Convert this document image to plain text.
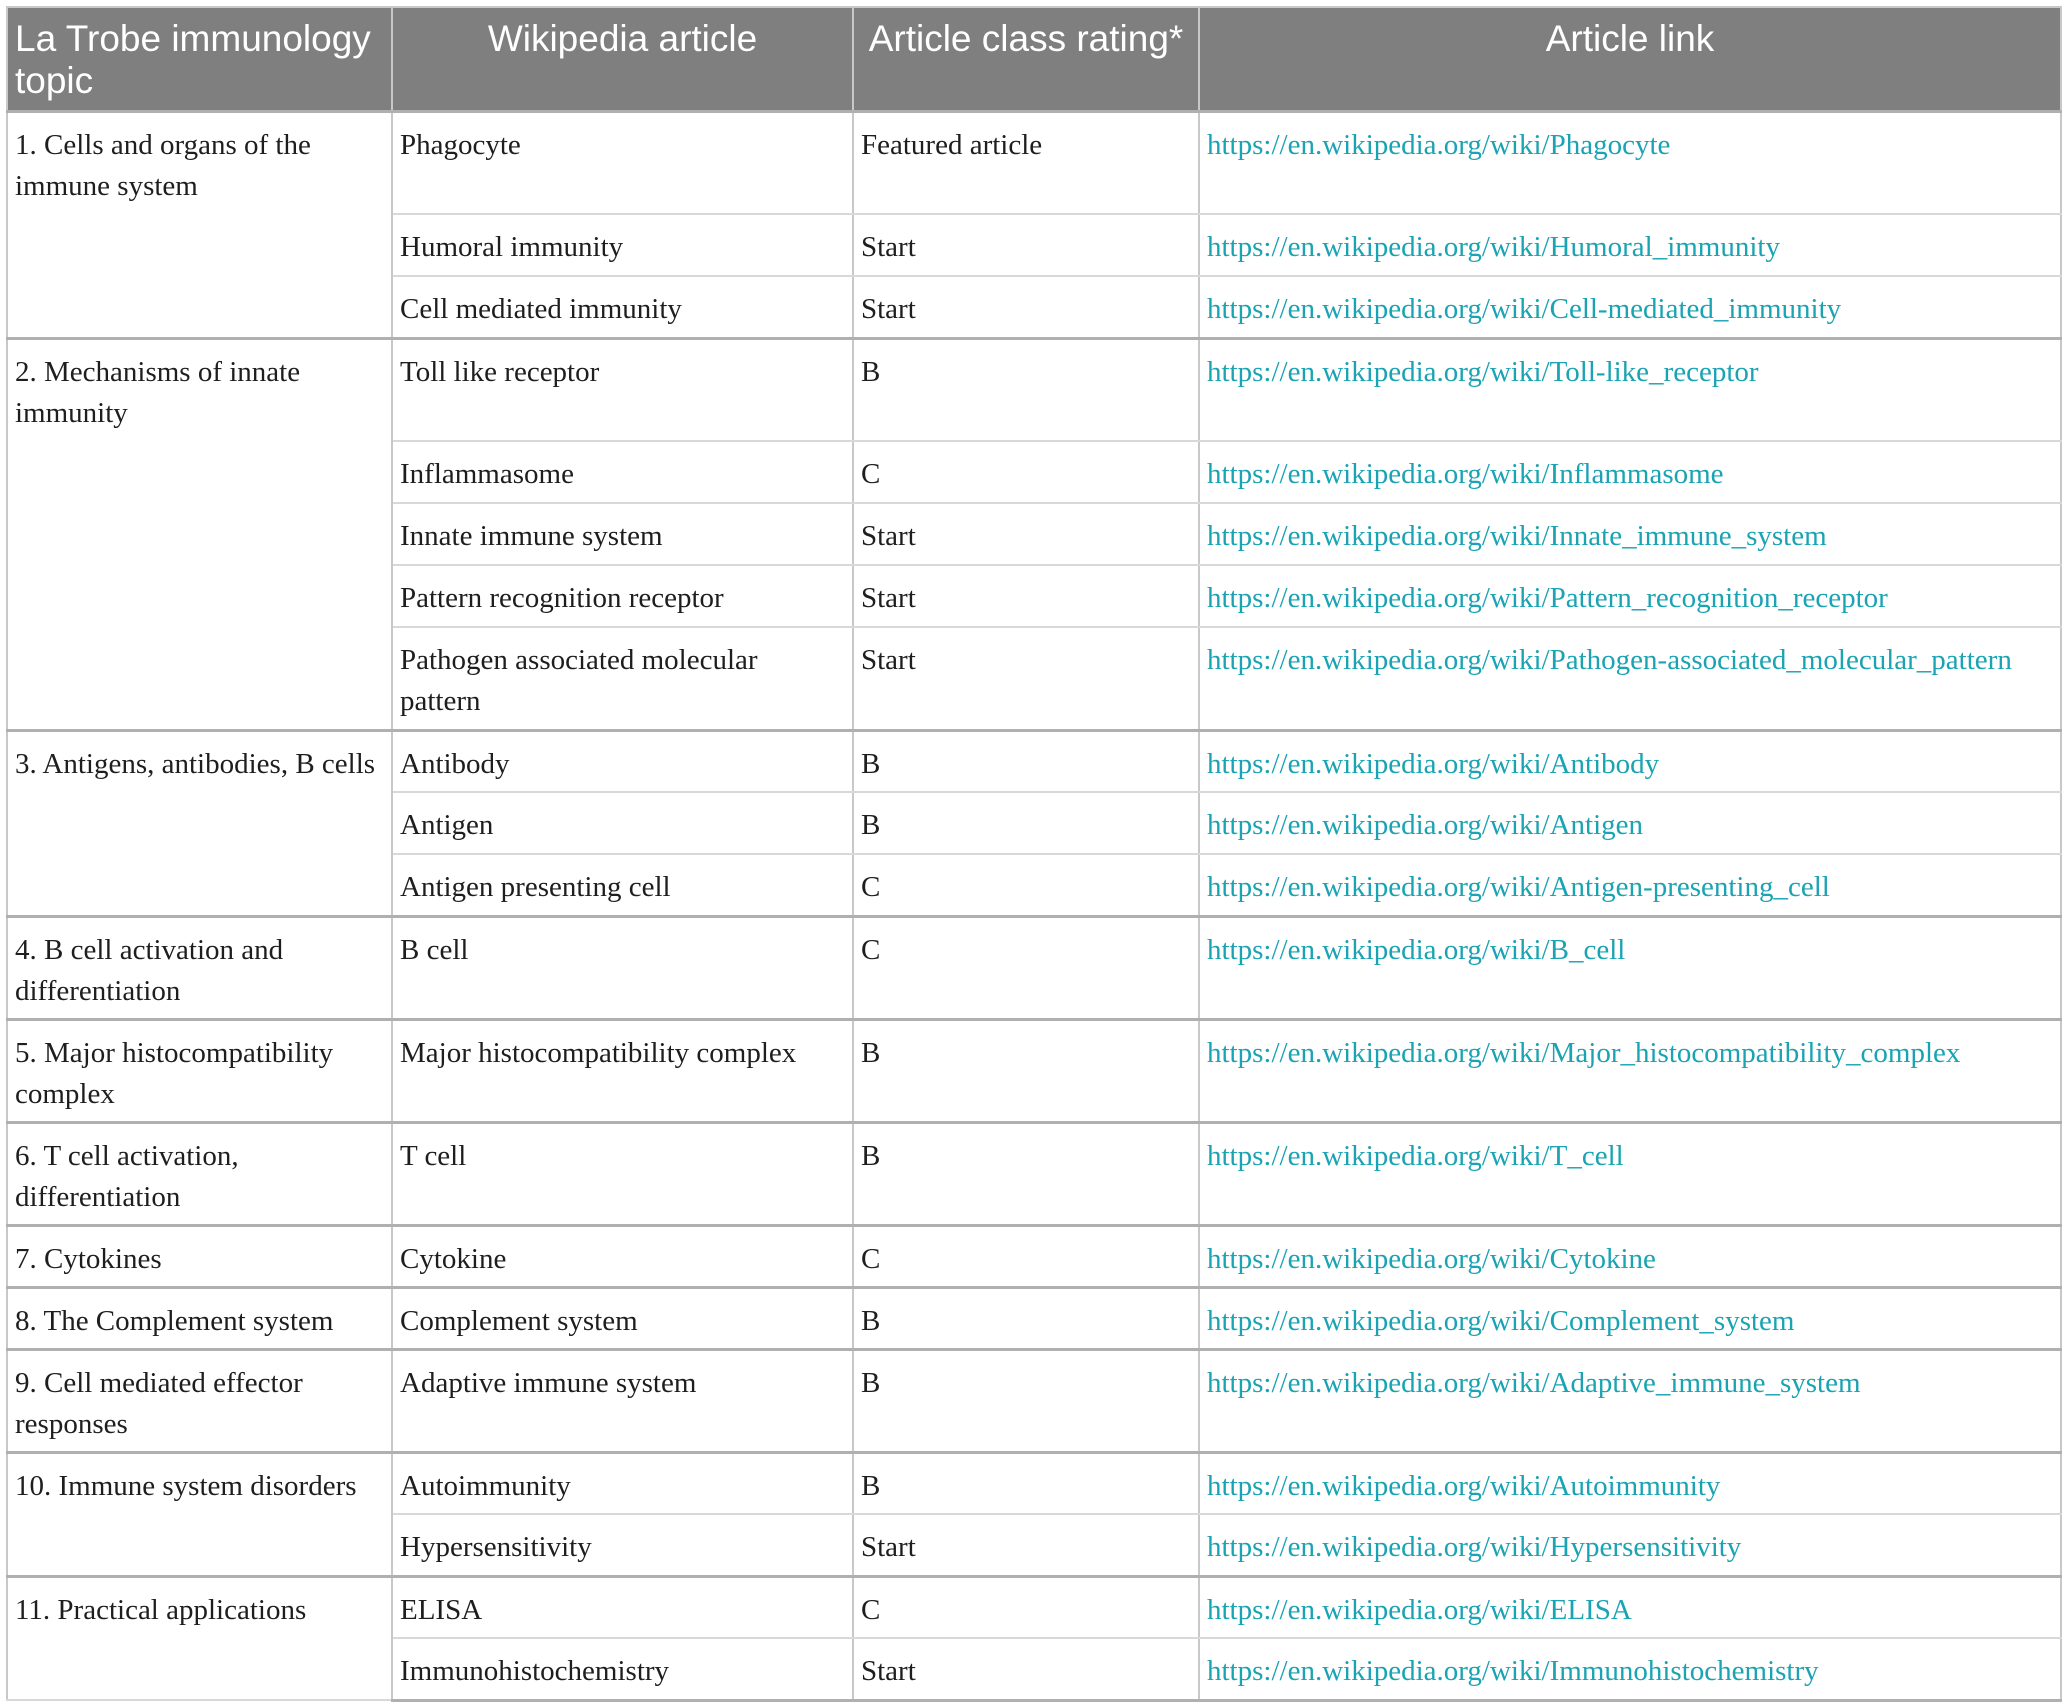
La Trobe immunology topic	Wikipedia article	Article class rating*	Article link
1. Cells and organs of the immune system	Phagocyte	Featured article	https://en.wikipedia.org/wiki/Phagocyte
	Humoral immunity	Start	https://en.wikipedia.org/wiki/Humoral_immunity
	Cell mediated immunity	Start	https://en.wikipedia.org/wiki/Cell-mediated_immunity
2. Mechanisms of innate immunity	Toll like receptor	B	https://en.wikipedia.org/wiki/Toll-like_receptor
	Inflammasome	C	https://en.wikipedia.org/wiki/Inflammasome
	Innate immune system	Start	https://en.wikipedia.org/wiki/Innate_immune_system
	Pattern recognition receptor	Start	https://en.wikipedia.org/wiki/Pattern_recognition_receptor
	Pathogen associated molecular pattern	Start	https://en.wikipedia.org/wiki/Pathogen-associated_molecular_pattern
3. Antigens, antibodies, B cells	Antibody	B	https://en.wikipedia.org/wiki/Antibody
	Antigen	B	https://en.wikipedia.org/wiki/Antigen
	Antigen presenting cell	C	https://en.wikipedia.org/wiki/Antigen-presenting_cell
4. B cell activation and differentiation	B cell	C	https://en.wikipedia.org/wiki/B_cell
5. Major histocompatibility complex	Major histocompatibility complex	B	https://en.wikipedia.org/wiki/Major_histocompatibility_complex
6. T cell activation, differentiation	T cell	B	https://en.wikipedia.org/wiki/T_cell
7. Cytokines	Cytokine	C	https://en.wikipedia.org/wiki/Cytokine
8. The Complement system	Complement system	B	https://en.wikipedia.org/wiki/Complement_system
9. Cell mediated effector responses	Adaptive immune system	B	https://en.wikipedia.org/wiki/Adaptive_immune_system
10. Immune system disorders	Autoimmunity	B	https://en.wikipedia.org/wiki/Autoimmunity
	Hypersensitivity	Start	https://en.wikipedia.org/wiki/Hypersensitivity
11. Practical applications	ELISA	C	https://en.wikipedia.org/wiki/ELISA
	Immunohistochemistry	Start	https://en.wikipedia.org/wiki/Immunohistochemistry
